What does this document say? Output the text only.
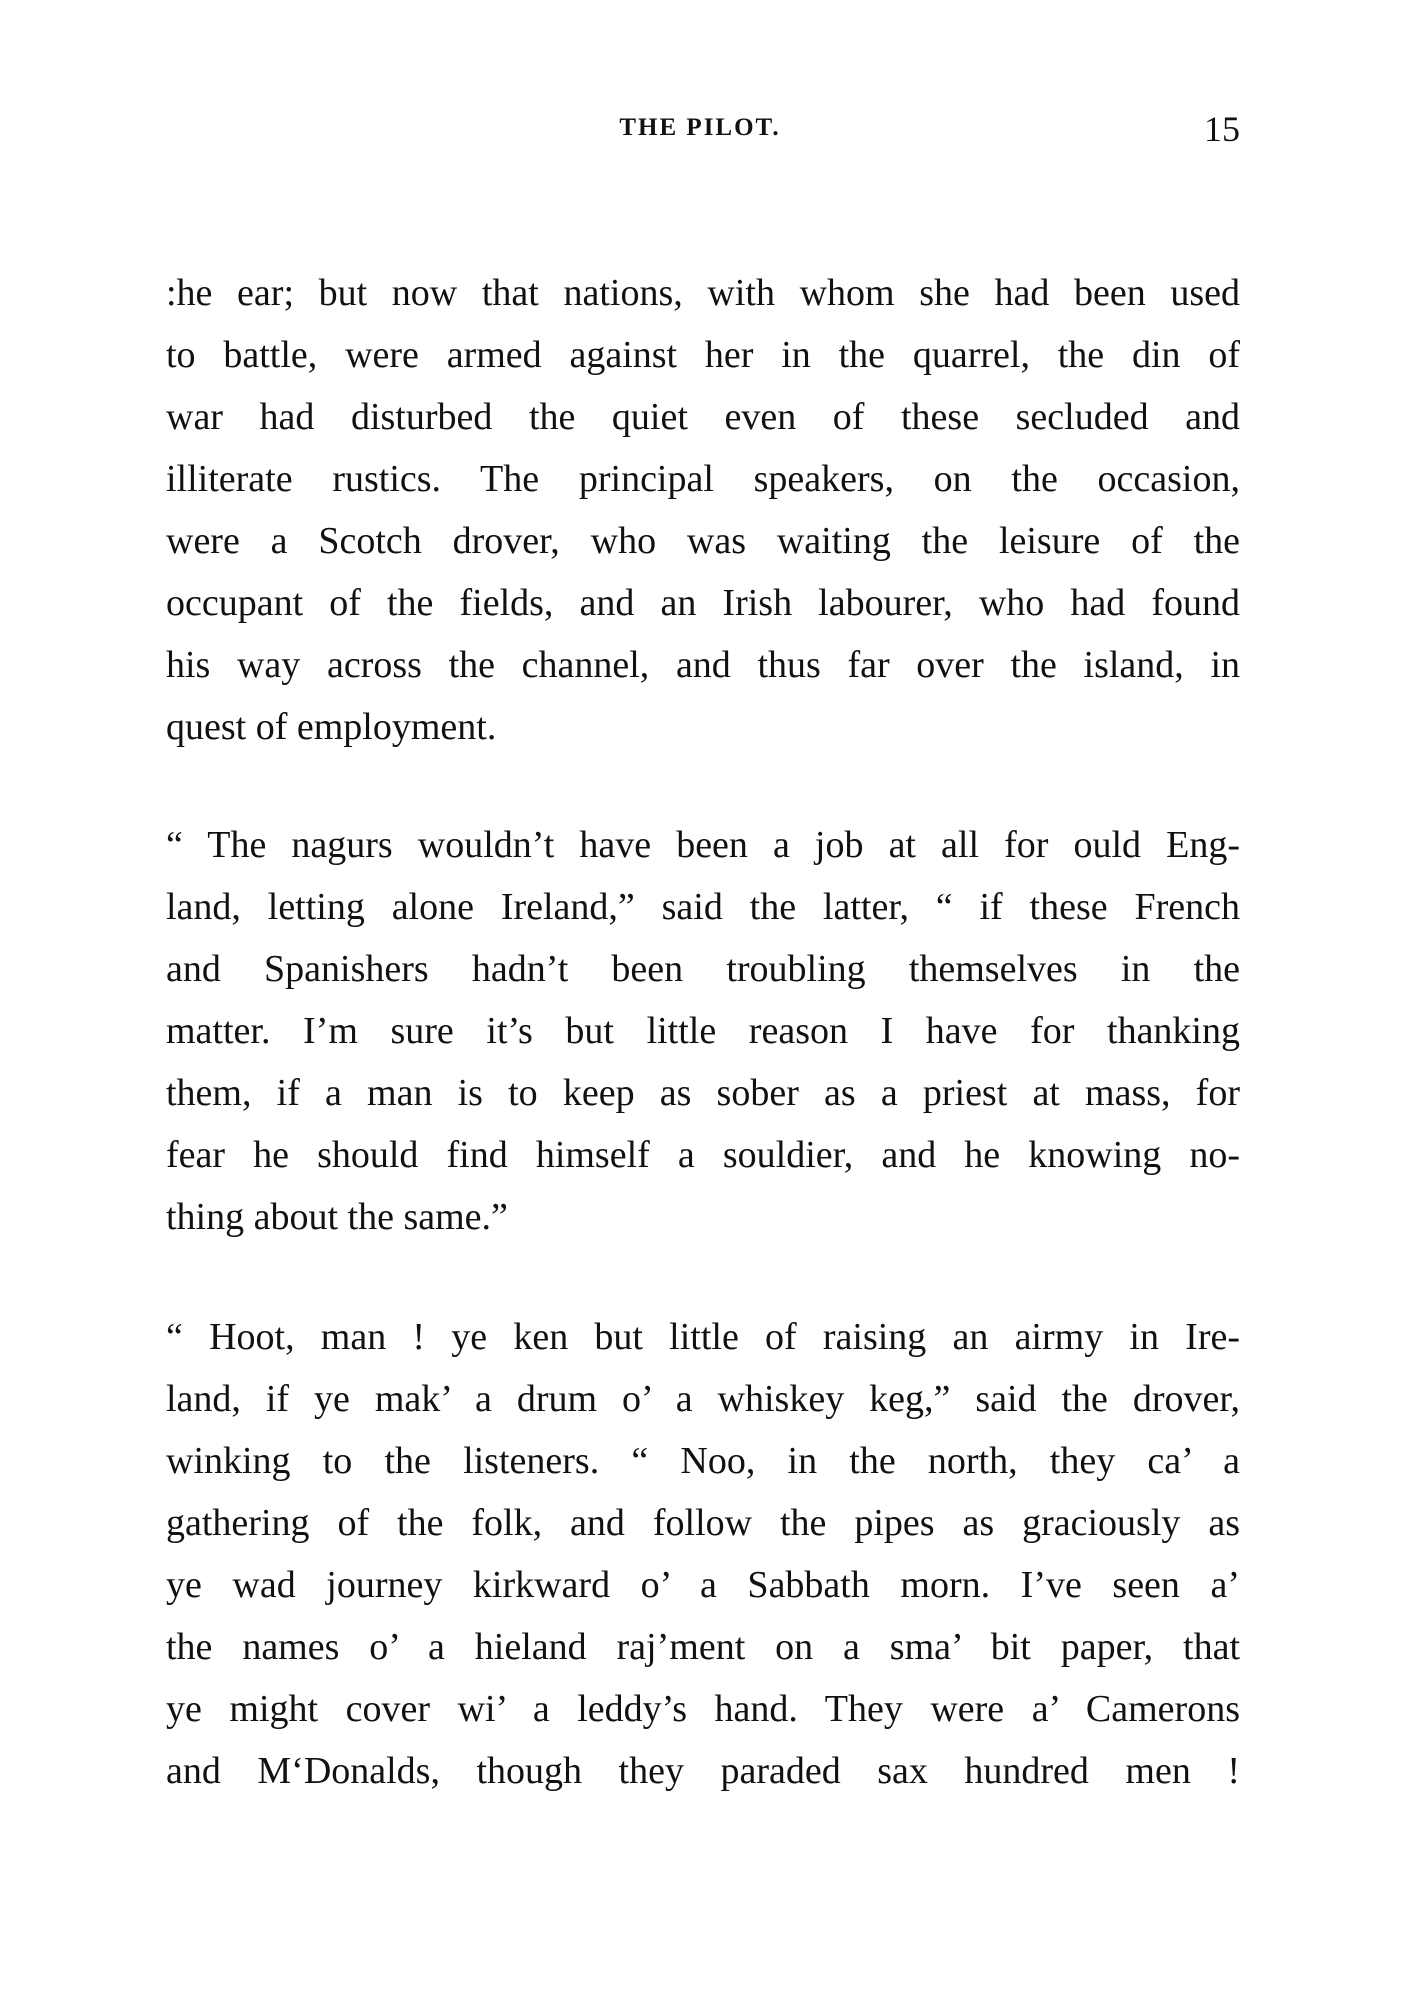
THE PILOT.	15

:he ear; but now that nations, with whom she had been used

to battle, were armed against her in the quarrel, the din of

war had disturbed the quiet even of these secluded and

illiterate rustics. The principal speakers, on the occasion,

were a Scotch drover, who was waiting the leisure of the

occupant of the fields, and an Irish labourer, who had found

his way across the channel, and thus far over the island, in

quest of employment.

“ The nagurs wouldn’t have been a job at all for ould Eng-

land, letting alone Ireland,” said the latter, “ if these French

and Spanishers hadn’t been troubling themselves in the

matter. I’m sure it’s but little reason I have for thanking

them, if a man is to keep as sober as a priest at mass, for

fear he should find himself a souldier, and he knowing no-

thing about the same.”

“ Hoot, man ! ye ken but little of raising an airmy in Ire-

land, if ye mak’ a drum o’ a whiskey keg,” said the drover,

winking to the listeners. “ Noo, in the north, they ca’ a

gathering of the folk, and follow the pipes as graciously as

ye wad journey kirkward o’ a Sabbath morn. I’ve seen a’

the names o’ a hieland raj’ment on a sma’ bit paper, that

ye might cover wi’ a leddy’s hand. They were a’ Camerons

and M‘Donalds, though they paraded sax hundred men !
